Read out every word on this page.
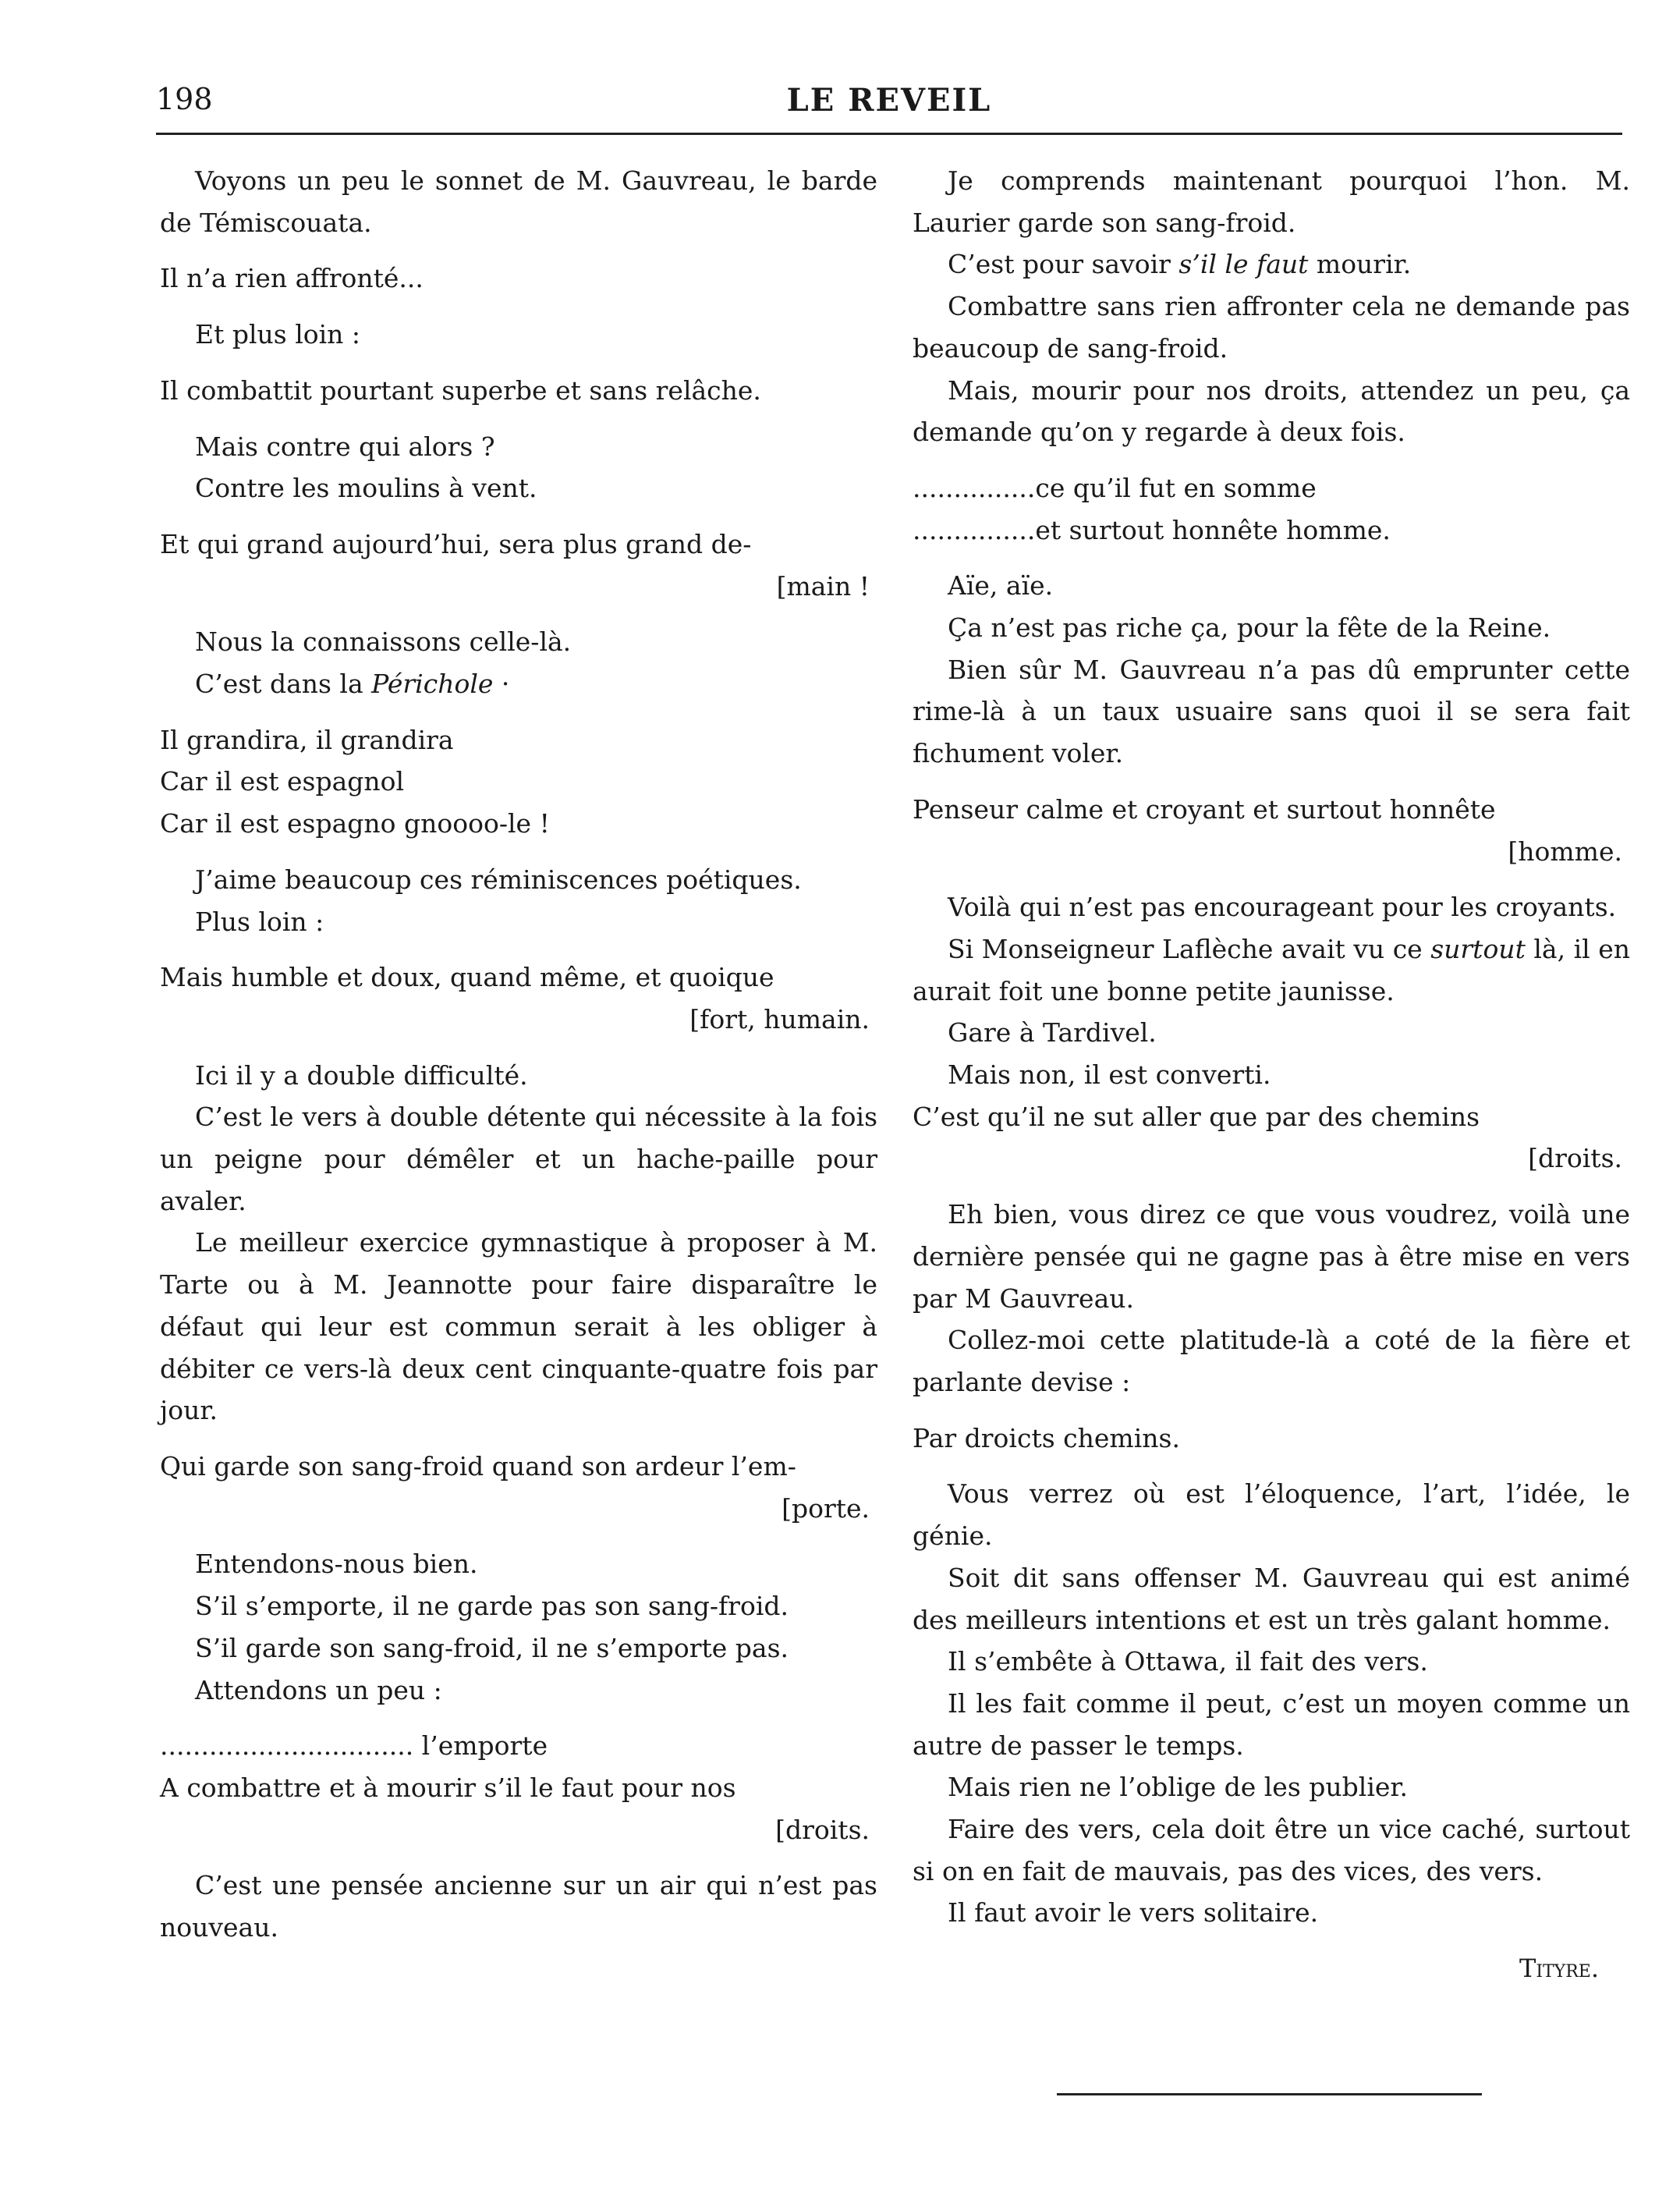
198	LE REVEIL

Voyons un peu le sonnet de M. Gauvreau, le barde de Témiscouata.

Il n’a rien affronté...

Et plus loin :

Il combattit pourtant superbe et sans relâche.

Mais contre qui alors ?

Contre les moulins à vent.

Et qui grand aujourd’hui, sera plus grand de-

[main !

Nous la connaissons celle-là.

C’est dans la Périchole ·

Il grandira, il grandira

Car il est espagnol

Car il est espagno gnoooo-le !

J’aime beaucoup ces réminiscences poétiques.

Plus loin :

Mais humble et doux, quand même, et quoique

[fort, humain.

Ici il y a double difficulté.

C’est le vers à double détente qui nécessite à la fois un peigne pour démêler et un hache-paille pour avaler.

Le meilleur exercice gymnastique à proposer à M. Tarte ou à M. Jeannotte pour faire disparaître le défaut qui leur est commun serait à les obliger à débiter ce vers-là deux cent cinquante-quatre fois par jour.

Qui garde son sang-froid quand son ardeur l’em-

[porte.

Entendons-nous bien.

S’il s’emporte, il ne garde pas son sang-froid.

S’il garde son sang-froid, il ne s’emporte pas.

Attendons un peu :

............................... l’emporte

A combattre et à mourir s’il le faut pour nos

[droits.

C’est une pensée ancienne sur un air qui n’est pas nouveau.

Je comprends maintenant pourquoi l’hon. M. Laurier garde son sang-froid.

C’est pour savoir s’il le faut mourir.

Combattre sans rien affronter cela ne demande pas beaucoup de sang-froid.

Mais, mourir pour nos droits, attendez un peu, ça demande qu’on y regarde à deux fois.

...............ce qu’il fut en somme

...............et surtout honnête homme.

Aïe, aïe.

Ça n’est pas riche ça, pour la fête de la Reine.

Bien sûr M. Gauvreau n’a pas dû emprunter cette rime-là à un taux usuaire sans quoi il se sera fait fichument voler.

Penseur calme et croyant et surtout honnête

[homme.

Voilà qui n’est pas encourageant pour les croyants.

Si Monseigneur Laflèche avait vu ce surtout là, il en aurait foit une bonne petite jaunisse.

Gare à Tardivel.

Mais non, il est converti.

C’est qu’il ne sut aller que par des chemins

[droits.

Eh bien, vous direz ce que vous voudrez, voilà une dernière pensée qui ne gagne pas à être mise en vers par M Gauvreau.

Collez-moi cette platitude-là a coté de la fière et parlante devise :

Par droicts chemins.

Vous verrez où est l’éloquence, l’art, l’idée, le génie.

Soit dit sans offenser M. Gauvreau qui est animé des meilleurs intentions et est un très galant homme.

Il s’embête à Ottawa, il fait des vers.

Il les fait comme il peut, c’est un moyen comme un autre de passer le temps.

Mais rien ne l’oblige de les publier.

Faire des vers, cela doit être un vice caché, surtout si on en fait de mauvais, pas des vices, des vers.

Il faut avoir le vers solitaire.

Tityre.
